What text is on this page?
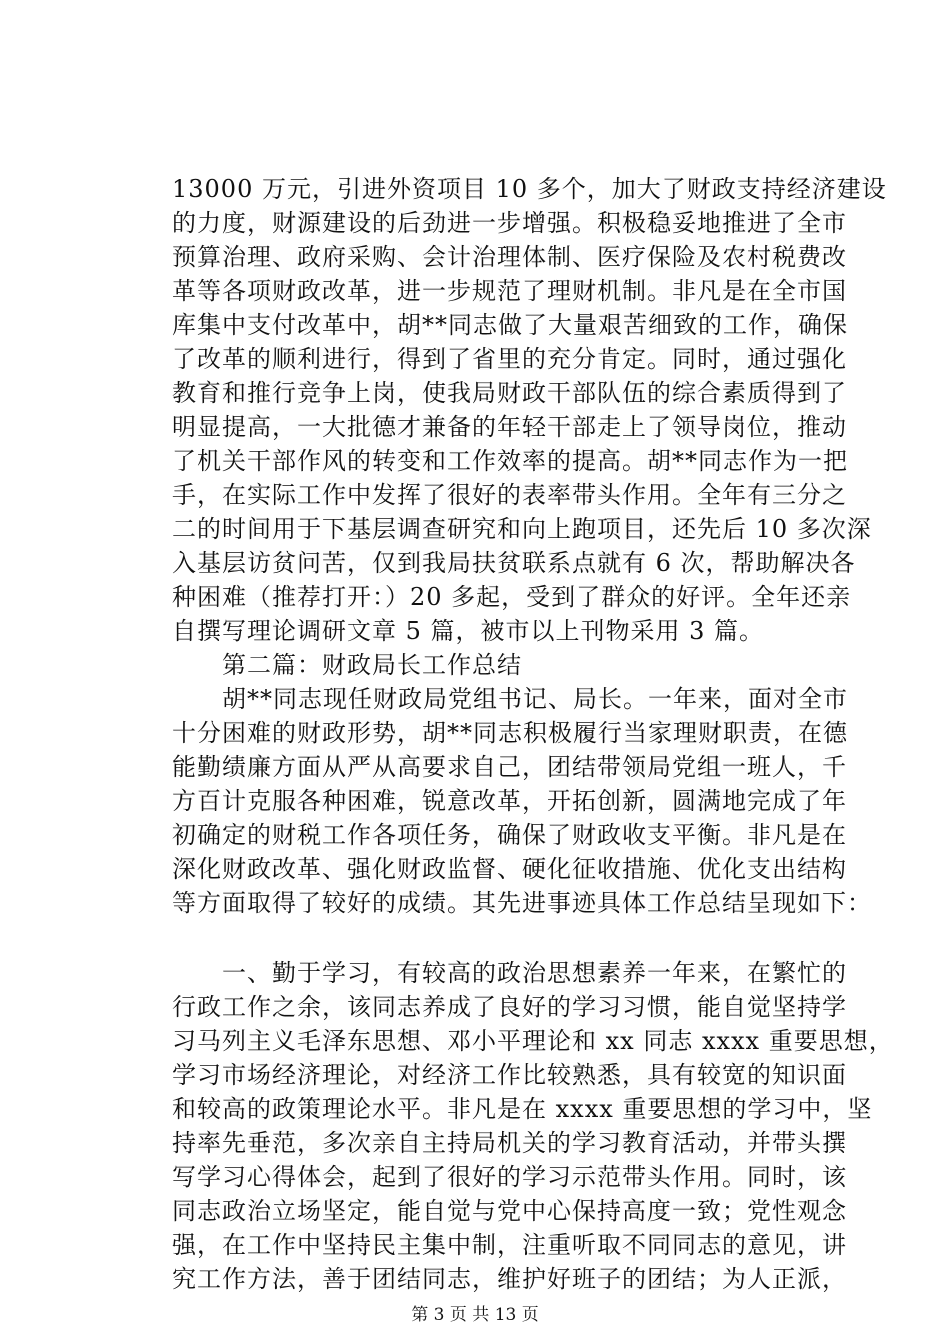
13000 万元，引进外资项目 10 多个，加大了财政支持经济建设
的力度，财源建设的后劲进一步增强。积极稳妥地推进了全市
预算治理、政府采购、会计治理体制、医疗保险及农村税费改
革等各项财政改革，进一步规范了理财机制。非凡是在全市国
库集中支付改革中，胡**同志做了大量艰苦细致的工作，确保
了改革的顺利进行，得到了省里的充分肯定。同时，通过强化
教育和推行竞争上岗，使我局财政干部队伍的综合素质得到了
明显提高，一大批德才兼备的年轻干部走上了领导岗位，推动
了机关干部作风的转变和工作效率的提高。胡**同志作为一把
手，在实际工作中发挥了很好的表率带头作用。全年有三分之
二的时间用于下基层调查研究和向上跑项目，还先后 10 多次深
入基层访贫问苦，仅到我局扶贫联系点就有 6 次，帮助解决各
种困难（推荐打开：）20 多起，受到了群众的好评。全年还亲
自撰写理论调研文章 5 篇，被市以上刊物采用 3 篇。
　　第二篇：财政局长工作总结
　　胡**同志现任财政局党组书记、局长。一年来，面对全市
十分困难的财政形势，胡**同志积极履行当家理财职责，在德
能勤绩廉方面从严从高要求自己，团结带领局党组一班人，千
方百计克服各种困难，锐意改革，开拓创新，圆满地完成了年
初确定的财税工作各项任务，确保了财政收支平衡。非凡是在
深化财政改革、强化财政监督、硬化征收措施、优化支出结构
等方面取得了较好的成绩。其先进事迹具体工作总结呈现如下：
　　一、勤于学习，有较高的政治思想素养一年来，在繁忙的
行政工作之余，该同志养成了良好的学习习惯，能自觉坚持学
习马列主义毛泽东思想、邓小平理论和 xx 同志 xxxx 重要思想，
学习市场经济理论，对经济工作比较熟悉，具有较宽的知识面
和较高的政策理论水平。非凡是在 xxxx 重要思想的学习中，坚
持率先垂范，多次亲自主持局机关的学习教育活动，并带头撰
写学习心得体会，起到了很好的学习示范带头作用。同时，该
同志政治立场坚定，能自觉与党中心保持高度一致；党性观念
强，在工作中坚持民主集中制，注重听取不同同志的意见，讲
究工作方法，善于团结同志，维护好班子的团结；为人正派，
第 3 页 共 13 页
